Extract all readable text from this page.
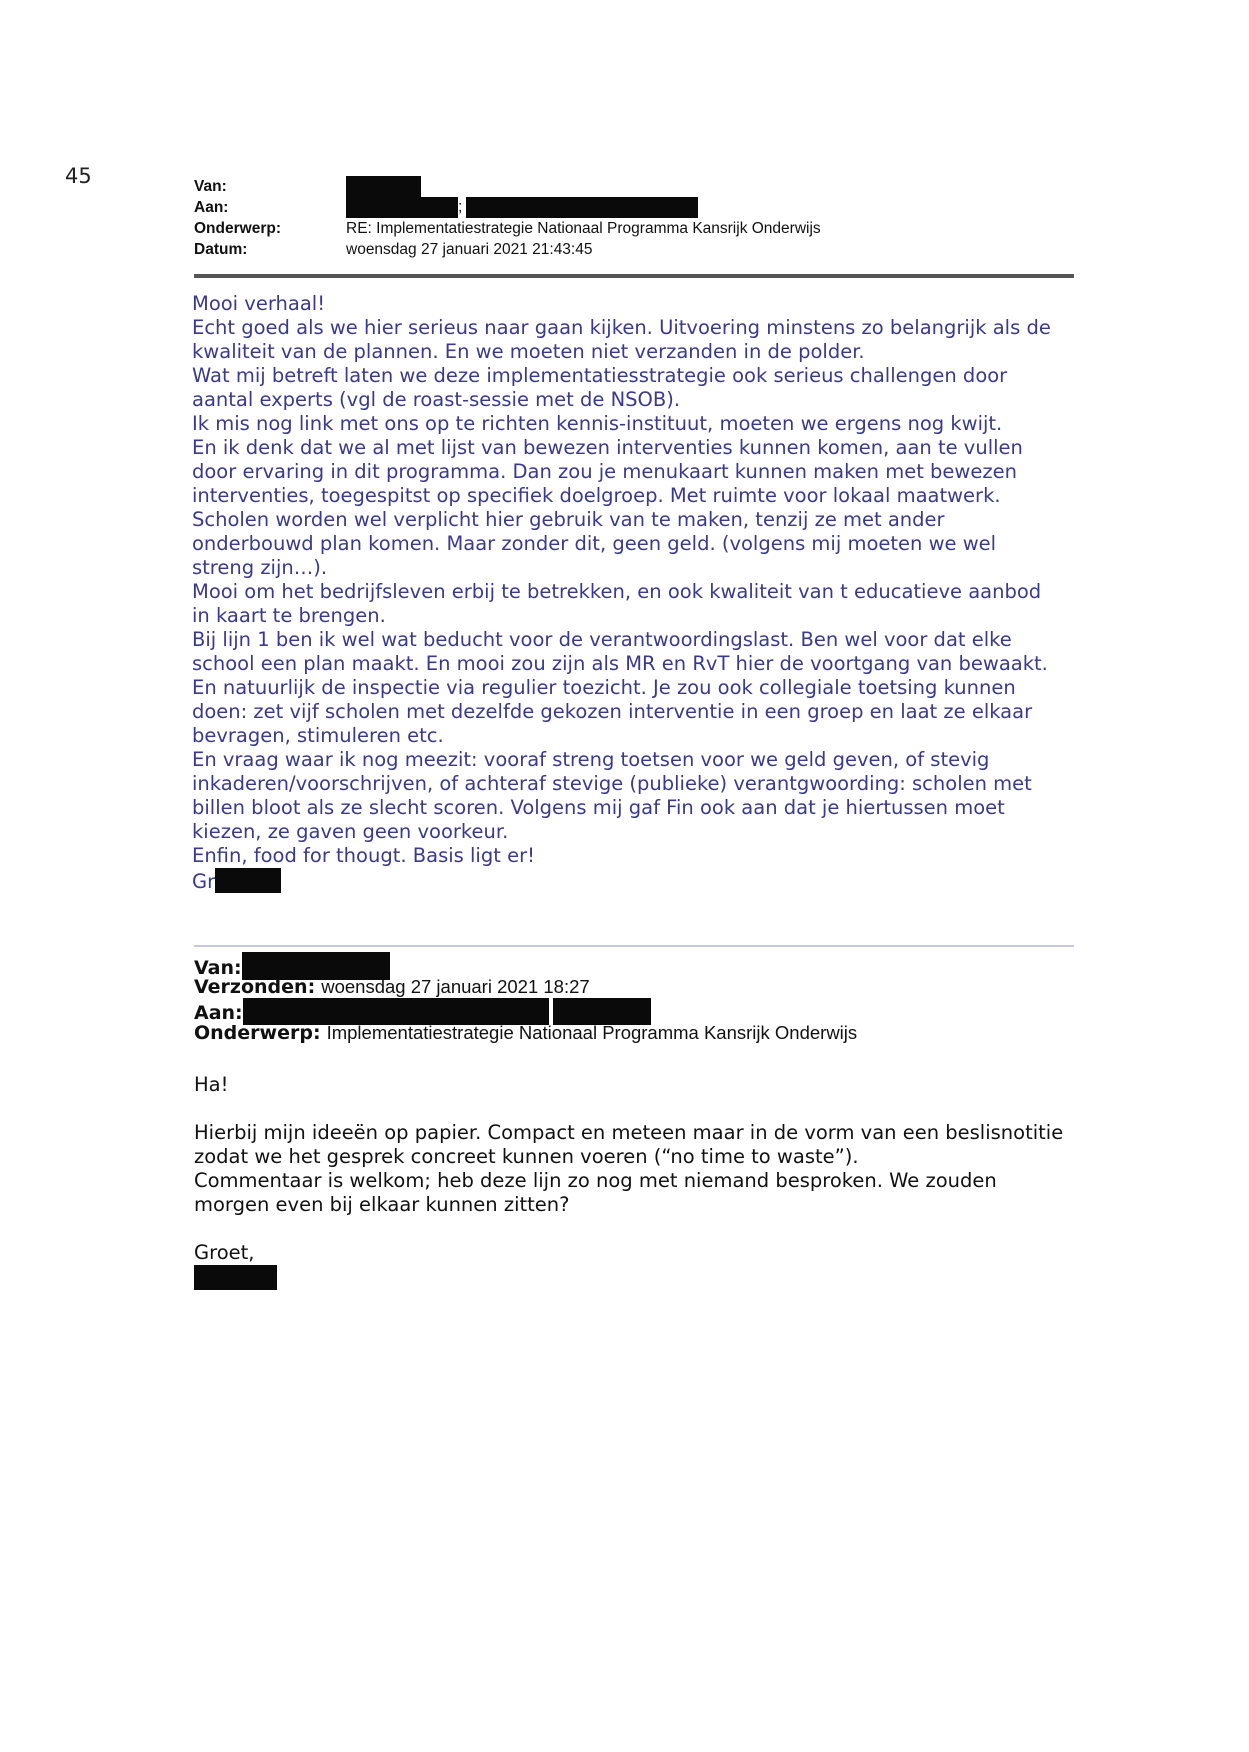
45	Van:
Aan:	;
Onderwerp:	RE: Implementatiestrategie Nationaal Programma Kansrijk Onderwijs
Datum:	woensdag 27 januari 2021 21:43:45

Mooi verhaal!

Echt goed als we hier serieus naar gaan kijken. Uitvoering minstens zo belangrijk als de

kwaliteit van de plannen. En we moeten niet verzanden in de polder.

Wat mij betreft laten we deze implementatiesstrategie ook serieus challengen door

aantal experts (vgl de roast-sessie met de NSOB).

Ik mis nog link met ons op te richten kennis-instituut, moeten we ergens nog kwijt.

En ik denk dat we al met lijst van bewezen interventies kunnen komen, aan te vullen

door ervaring in dit programma. Dan zou je menukaart kunnen maken met bewezen

interventies, toegespitst op specifiek doelgroep. Met ruimte voor lokaal maatwerk.

Scholen worden wel verplicht hier gebruik van te maken, tenzij ze met ander

onderbouwd plan komen. Maar zonder dit, geen geld. (volgens mij moeten we wel

streng zijn…).

Mooi om het bedrijfsleven erbij te betrekken, en ook kwaliteit van t educatieve aanbod

in kaart te brengen.

Bij lijn 1 ben ik wel wat beducht voor de verantwoordingslast. Ben wel voor dat elke

school een plan maakt. En mooi zou zijn als MR en RvT hier de voortgang van bewaakt.

En natuurlijk de inspectie via regulier toezicht. Je zou ook collegiale toetsing kunnen

doen: zet vijf scholen met dezelfde gekozen interventie in een groep en laat ze elkaar

bevragen, stimuleren etc.

En vraag waar ik nog meezit: vooraf streng toetsen voor we geld geven, of stevig

inkaderen/voorschrijven, of achteraf stevige (publieke) verantgwoording: scholen met

billen bloot als ze slecht scoren. Volgens mij gaf Fin ook aan dat je hiertussen moet

kiezen, ze gaven geen voorkeur.

Enfin, food for thougt. Basis ligt er!

Gr

Van:
Verzonden: woensdag 27 januari 2021 18:27
Aan:
Onderwerp: Implementatiestrategie Nationaal Programma Kansrijk Onderwijs

Ha!

Hierbij mijn ideeën op papier. Compact en meteen maar in de vorm van een beslisnotitie

zodat we het gesprek concreet kunnen voeren (“no time to waste”).

Commentaar is welkom; heb deze lijn zo nog met niemand besproken. We zouden

morgen even bij elkaar kunnen zitten?

Groet,
